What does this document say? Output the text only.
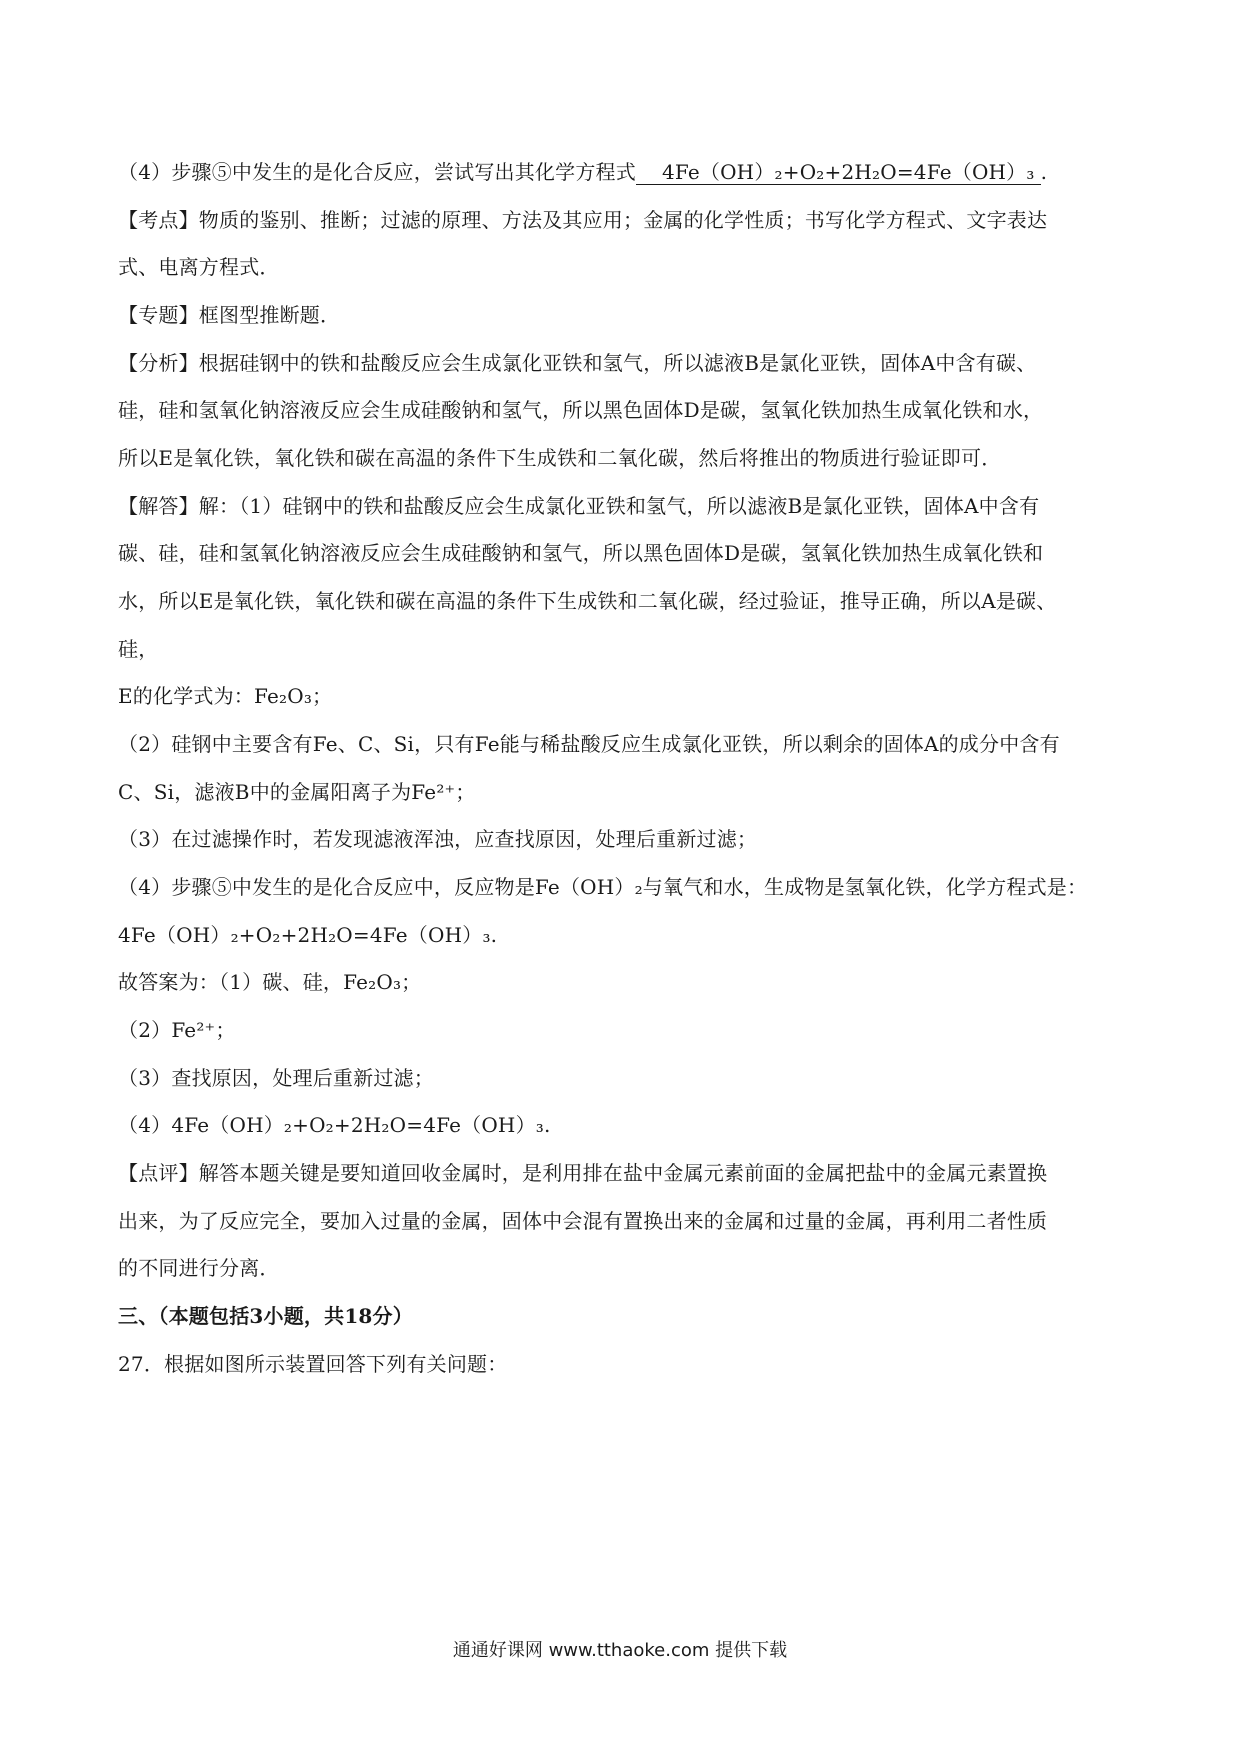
（4）步骤⑤中发生的是化合反应，尝试写出其化学方程式 4Fe（OH）₂+O₂+2H₂O=4Fe（OH）₃ .
【考点】物质的鉴别、推断；过滤的原理、方法及其应用；金属的化学性质；书写化学方程式、文字表达
式、电离方程式．
【专题】框图型推断题．
【分析】根据硅钢中的铁和盐酸反应会生成氯化亚铁和氢气，所以滤液B是氯化亚铁，固体A中含有碳、
硅，硅和氢氧化钠溶液反应会生成硅酸钠和氢气，所以黑色固体D是碳，氢氧化铁加热生成氧化铁和水，
所以E是氧化铁，氧化铁和碳在高温的条件下生成铁和二氧化碳，然后将推出的物质进行验证即可．
【解答】解：（1）硅钢中的铁和盐酸反应会生成氯化亚铁和氢气，所以滤液B是氯化亚铁，固体A中含有
碳、硅，硅和氢氧化钠溶液反应会生成硅酸钠和氢气，所以黑色固体D是碳，氢氧化铁加热生成氧化铁和
水，所以E是氧化铁，氧化铁和碳在高温的条件下生成铁和二氧化碳，经过验证，推导正确，所以A是碳、
硅，
E的化学式为：Fe₂O₃；
（2）硅钢中主要含有Fe、C、Si，只有Fe能与稀盐酸反应生成氯化亚铁，所以剩余的固体A的成分中含有
C、Si，滤液B中的金属阳离子为Fe²⁺；
（3）在过滤操作时，若发现滤液浑浊，应查找原因，处理后重新过滤；
（4）步骤⑤中发生的是化合反应中，反应物是Fe（OH）₂与氧气和水，生成物是氢氧化铁，化学方程式是：
4Fe（OH）₂+O₂+2H₂O=4Fe（OH）₃.
故答案为：（1）碳、硅，Fe₂O₃；
（2）Fe²⁺；
（3）查找原因，处理后重新过滤；
（4）4Fe（OH）₂+O₂+2H₂O=4Fe（OH）₃.
【点评】解答本题关键是要知道回收金属时，是利用排在盐中金属元素前面的金属把盐中的金属元素置换
出来，为了反应完全，要加入过量的金属，固体中会混有置换出来的金属和过量的金属，再利用二者性质
的不同进行分离．
三、（本题包括3小题，共18分）
27．根据如图所示装置回答下列有关问题：
通通好课网 www.tthaoke.com 提供下载
